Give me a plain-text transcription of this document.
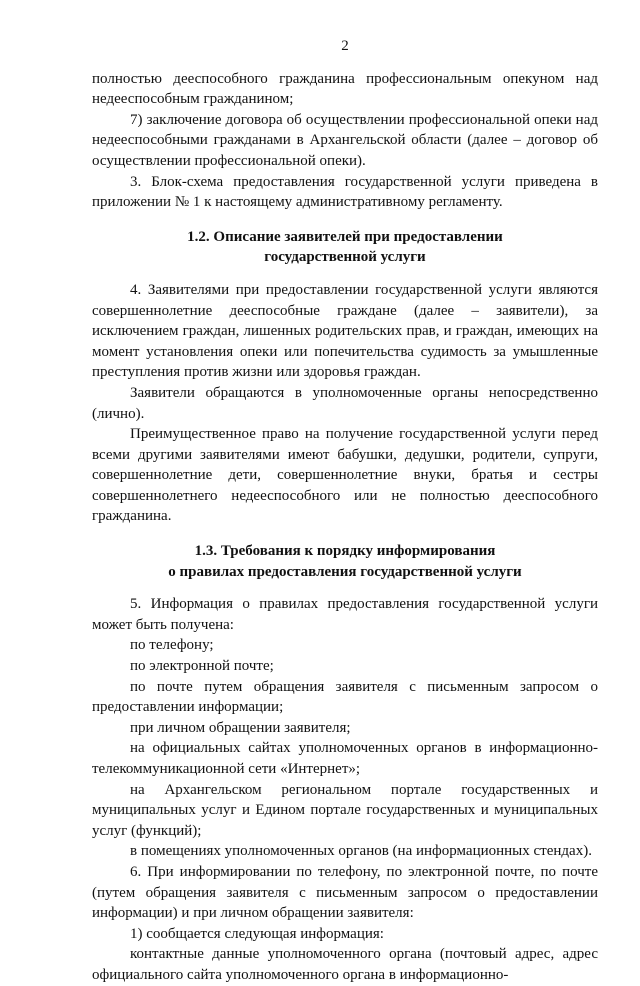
2

полностью дееспособного гражданина профессиональным опекуном над недееспособным гражданином;

7) заключение договора об осуществлении профессиональной опеки над недееспособными гражданами в Архангельской области (далее – договор об осуществлении профессиональной опеки).

3. Блок-схема предоставления государственной услуги приведена в приложении № 1 к настоящему административному регламенту.

1.2. Описание заявителей при предоставлении
государственной услуги

4. Заявителями при предоставлении государственной услуги являются совершеннолетние дееспособные граждане (далее – заявители), за исключением граждан, лишенных родительских прав, и граждан, имеющих на момент установления опеки или попечительства судимость за умышленные преступления против жизни или здоровья граждан.

Заявители обращаются в уполномоченные органы непосредственно (лично).

Преимущественное право на получение государственной услуги перед всеми другими заявителями имеют бабушки, дедушки, родители, супруги, совершеннолетние дети, совершеннолетние внуки, братья и сестры совершеннолетнего недееспособного или не полностью дееспособного гражданина.

1.3. Требования к порядку информирования
о правилах предоставления государственной услуги

5. Информация о правилах предоставления государственной услуги может быть получена:

по телефону;

по электронной почте;

по почте путем обращения заявителя с письменным запросом о предоставлении информации;

при личном обращении заявителя;

на официальных сайтах уполномоченных органов в информационно-телекоммуникационной сети «Интернет»;

на Архангельском региональном портале государственных и муниципальных услуг и Едином портале государственных и муниципальных услуг (функций);

в помещениях уполномоченных органов (на информационных стендах).

6. При информировании по телефону, по электронной почте, по почте (путем обращения заявителя с письменным запросом о предоставлении информации) и при личном обращении заявителя:

1) сообщается следующая информация:

контактные данные уполномоченного органа (почтовый адрес, адрес официального сайта уполномоченного органа в информационно-
